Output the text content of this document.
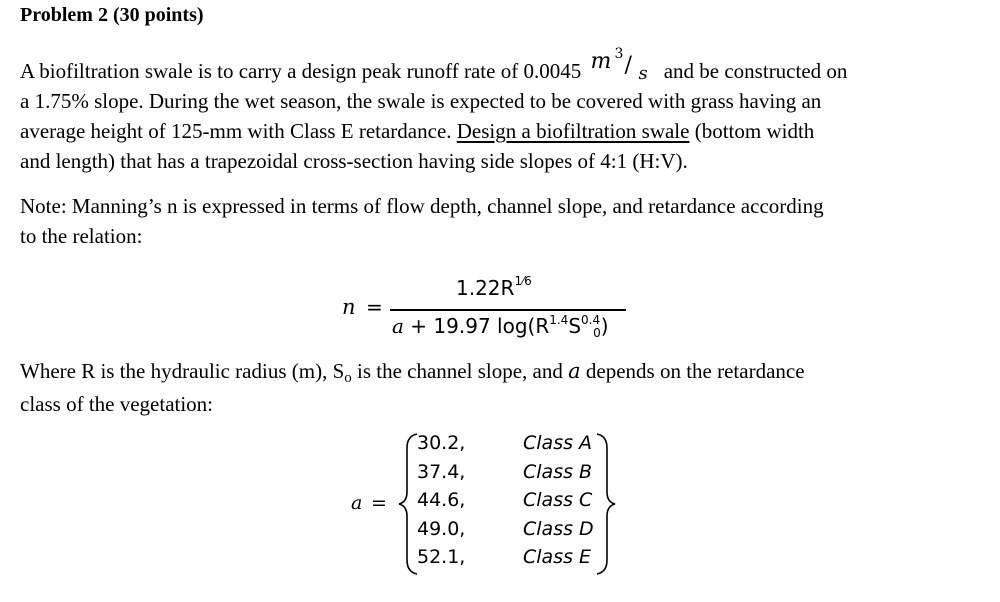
Problem 2 (30 points)
A biofiltration swale is to carry a design peak runoff rate of 0.0045 m 3 / s and be constructed on
a 1.75% slope. During the wet season, the swale is expected to be covered with grass having an
average height of 125-mm with Class E retardance. Design a biofiltration swale (bottom width
and length) that has a trapezoidal cross-section having side slopes of 4:1 (H:V).
Note: Manning’s n is expressed in terms of flow depth, channel slope, and retardance according
to the relation:
n =
$1.22R^{1⁄6}$
a + 19.97 $\log(R^{1.4}S^{0.4}_0)$
Where R is the hydraulic radius (m), So is the channel slope, and a depends on the retardance
class of the vegetation:
a =
30.2,	Class A
37.4,	Class B
44.6,	Class C
49.0,	Class D
52.1,	Class E
